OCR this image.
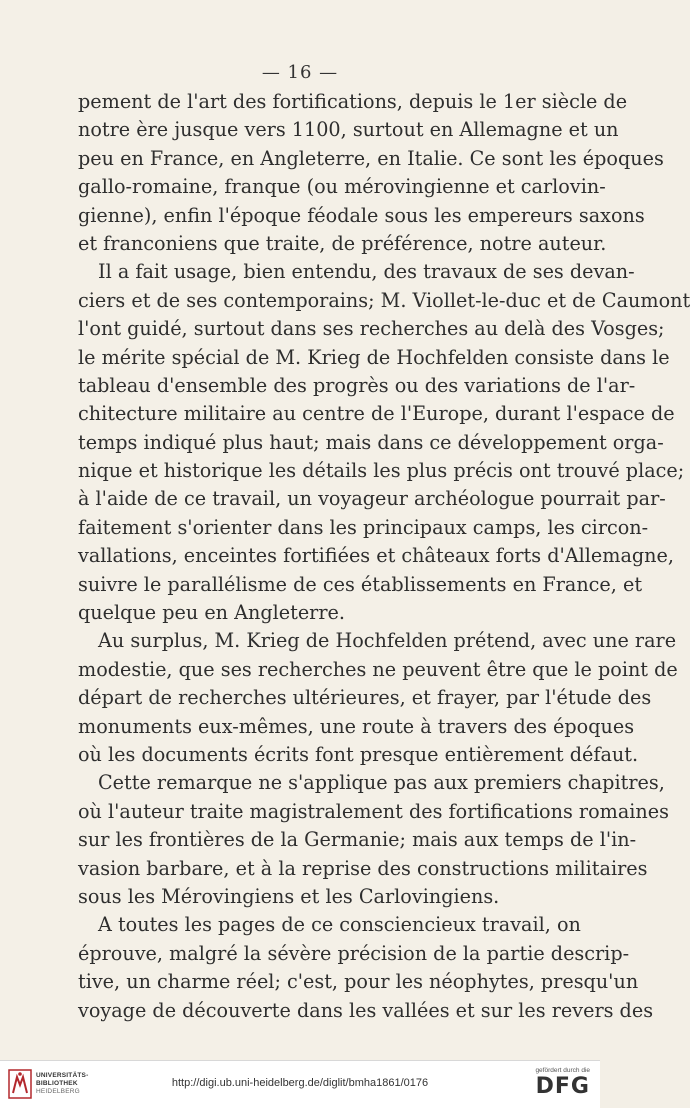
— 16 —
pement de l'art des fortifications, depuis le 1er siècle de
notre ère jusque vers 1100, surtout en Allemagne et un
peu en France, en Angleterre, en Italie. Ce sont les époques
gallo-romaine, franque (ou mérovingienne et carlovin-
gienne), enfin l'époque féodale sous les empereurs saxons
et franconiens que traite, de préférence, notre auteur.
Il a fait usage, bien entendu, des travaux de ses devan-
ciers et de ses contemporains; M. Viollet-le-duc et de Caumont
l'ont guidé, surtout dans ses recherches au delà des Vosges;
le mérite spécial de M. Krieg de Hochfelden consiste dans le
tableau d'ensemble des progrès ou des variations de l'ar-
chitecture militaire au centre de l'Europe, durant l'espace de
temps indiqué plus haut; mais dans ce développement orga-
nique et historique les détails les plus précis ont trouvé place;
à l'aide de ce travail, un voyageur archéologue pourrait par-
faitement s'orienter dans les principaux camps, les circon-
vallations, enceintes fortifiées et châteaux forts d'Allemagne,
suivre le parallélisme de ces établissements en France, et
quelque peu en Angleterre.
Au surplus, M. Krieg de Hochfelden prétend, avec une rare
modestie, que ses recherches ne peuvent être que le point de
départ de recherches ultérieures, et frayer, par l'étude des
monuments eux-mêmes, une route à travers des époques
où les documents écrits font presque entièrement défaut.
Cette remarque ne s'applique pas aux premiers chapitres,
où l'auteur traite magistralement des fortifications romaines
sur les frontières de la Germanie; mais aux temps de l'in-
vasion barbare, et à la reprise des constructions militaires
sous les Mérovingiens et les Carlovingiens.
A toutes les pages de ce consciencieux travail, on
éprouve, malgré la sévère précision de la partie descrip-
tive, un charme réel; c'est, pour les néophytes, presqu'un
voyage de découverte dans les vallées et sur les revers des
UNIVERSITÄTS-
BIBLIOTHEK
HEIDELBERG
http://digi.ub.uni-heidelberg.de/diglit/bmha1861/0176
gefördert durch die
DFG
